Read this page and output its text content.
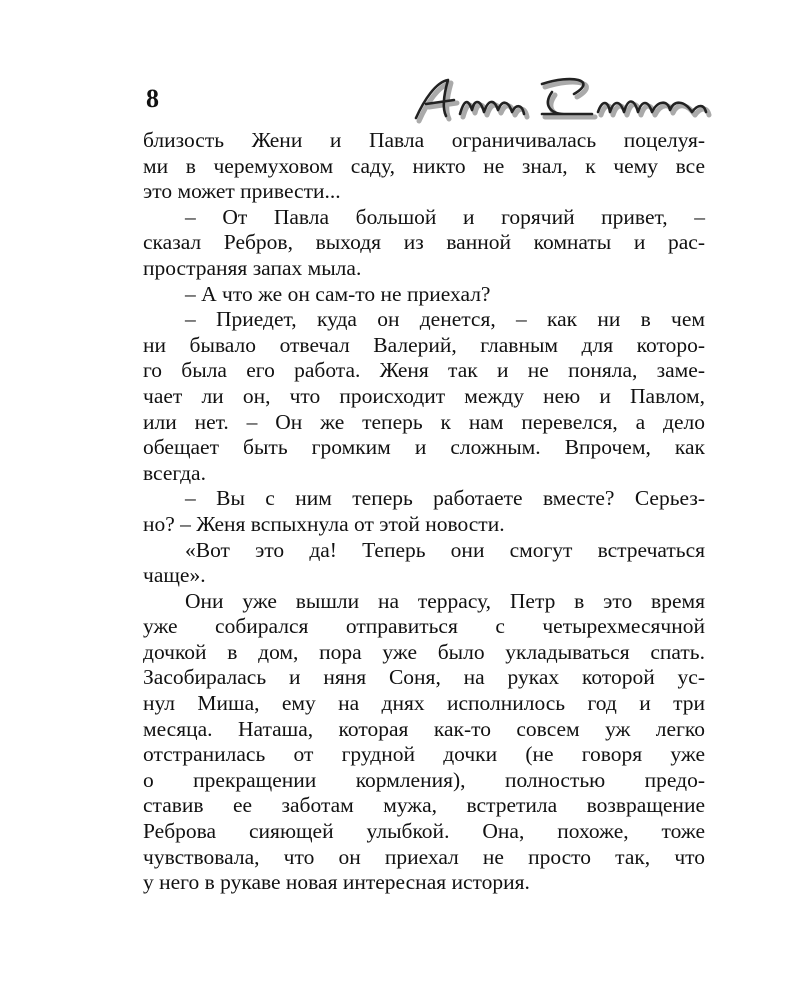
8
близость Жени и Павла ограничивалась поцелуя-
ми в черемуховом саду, никто не знал, к чему все
это может привести...
– От Павла большой и горячий привет, –
сказал Ребров, выходя из ванной комнаты и рас-
пространяя запах мыла.
– А что же он сам-то не приехал?
– Приедет, куда он денется, – как ни в чем
ни бывало отвечал Валерий, главным для которо-
го была его работа. Женя так и не поняла, заме-
чает ли он, что происходит между нею и Павлом,
или нет. – Он же теперь к нам перевелся, а дело
обещает быть громким и сложным. Впрочем, как
всегда.
– Вы с ним теперь работаете вместе? Серьез-
но? – Женя вспыхнула от этой новости.
«Вот это да! Теперь они смогут встречаться
чаще».
Они уже вышли на террасу, Петр в это время
уже собирался отправиться с четырехмесячной
дочкой в дом, пора уже было укладываться спать.
Засобиралась и няня Соня, на руках которой ус-
нул Миша, ему на днях исполнилось год и три
месяца. Наташа, которая как-то совсем уж легко
отстранилась от грудной дочки (не говоря уже
о прекращении кормления), полностью предо-
ставив ее заботам мужа, встретила возвращение
Реброва сияющей улыбкой. Она, похоже, тоже
чувствовала, что он приехал не просто так, что
у него в рукаве новая интересная история.
